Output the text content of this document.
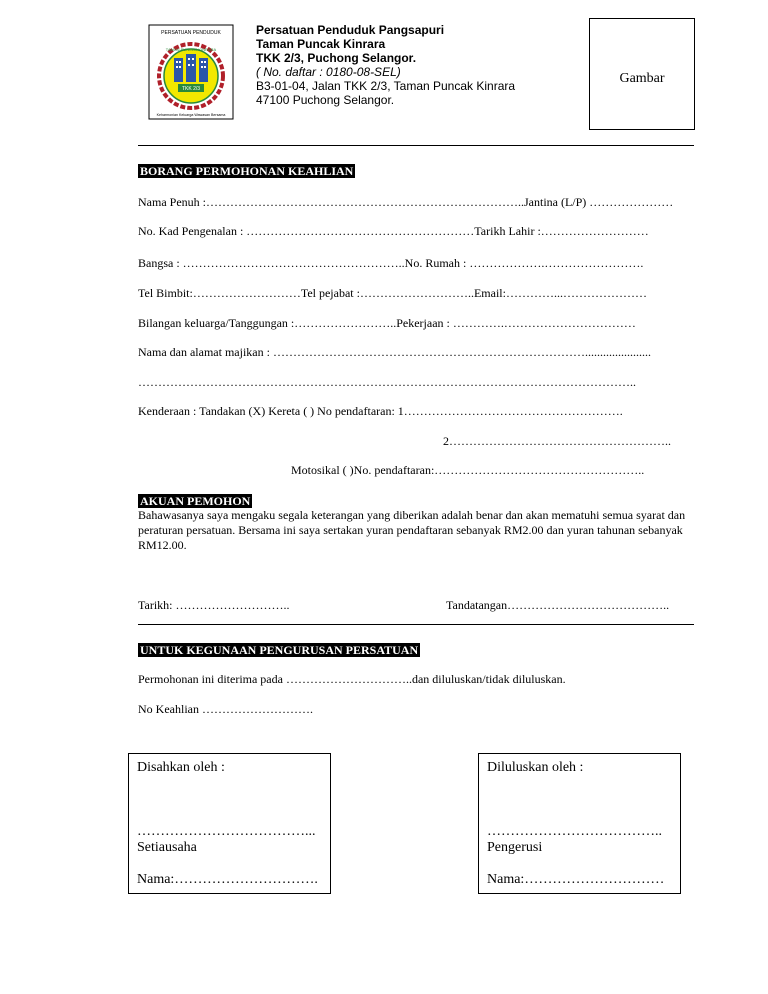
PERSATUAN PENDUDUK
TAMAN PUNCAK KINRARA
TKK 2/3
Keharmonian Keluarga Wawasan Bersama
Persatuan Penduduk Pangsapuri
Taman Puncak Kinrara
TKK 2/3, Puchong Selangor.
( No. daftar : 0180-08-SEL)
B3-01-04, Jalan TKK 2/3, Taman Puncak Kinrara
47100 Puchong Selangor.
Gambar
BORANG PERMOHONAN KEAHLIAN
Nama Penuh :……………………………………………………………………..Jantina (L/P) …………………
No. Kad Pengenalan : …………………………………………………Tarikh Lahir :………………………
Bangsa : ………………………………………………..No. Rumah : ……………….…………………….
Tel Bimbit:………………………Tel pejabat :………………………..Email:…………...…………………
Bilangan keluarga/Tanggungan :……………………..Pekerjaan : ………….……………………………
Nama dan alamat majikan : ……………………………………………………………………......................
……………………………………………………………………………………………………………..
Kenderaan : Tandakan (X) Kereta ( ) No pendaftaran: 1……………………………………………….
2………………………………………………..
Motosikal ( )No. pendaftaran:……………………………………………..
AKUAN PEMOHON
Bahawasanya saya mengaku segala keterangan yang diberikan adalah benar dan akan mematuhi semua syarat dan peraturan persatuan. Bersama ini saya sertakan yuran pendaftaran sebanyak RM2.00 dan yuran tahunan sebanyak RM12.00.
Tarikh: ………………………..	Tandatangan…………………………………..
UNTUK KEGUNAAN PENGURUSAN PERSATUAN
Permohonan ini diterima pada …………………………..dan diluluskan/tidak diluluskan.
No Keahlian ……………………….
Disahkan oleh :
………………………………...
Setiausaha
Nama:………………………….
Diluluskan oleh :
………………………………..
Pengerusi
Nama:…………………………
